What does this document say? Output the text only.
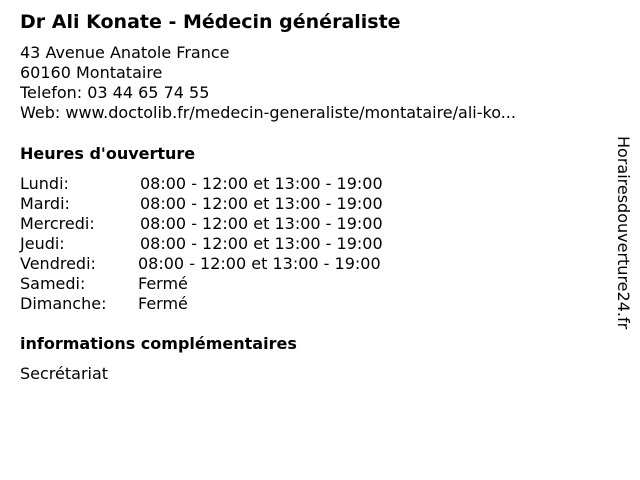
Dr Ali Konate - Médecin généraliste
43 Avenue Anatole France
60160 Montataire
Telefon: 03 44 65 74 55
Web: www.doctolib.fr/medecin-generaliste/montataire/ali-ko...
Heures d'ouverture
Lundi:	08:00 - 12:00 et 13:00 - 19:00
Mardi:	08:00 - 12:00 et 13:00 - 19:00
Mercredi:	08:00 - 12:00 et 13:00 - 19:00
Jeudi:	08:00 - 12:00 et 13:00 - 19:00
Vendredi:	08:00 - 12:00 et 13:00 - 19:00
Samedi:	Fermé
Dimanche: Fermé
informations complémentaires
Secrétariat
Horairesdouverture24.fr
